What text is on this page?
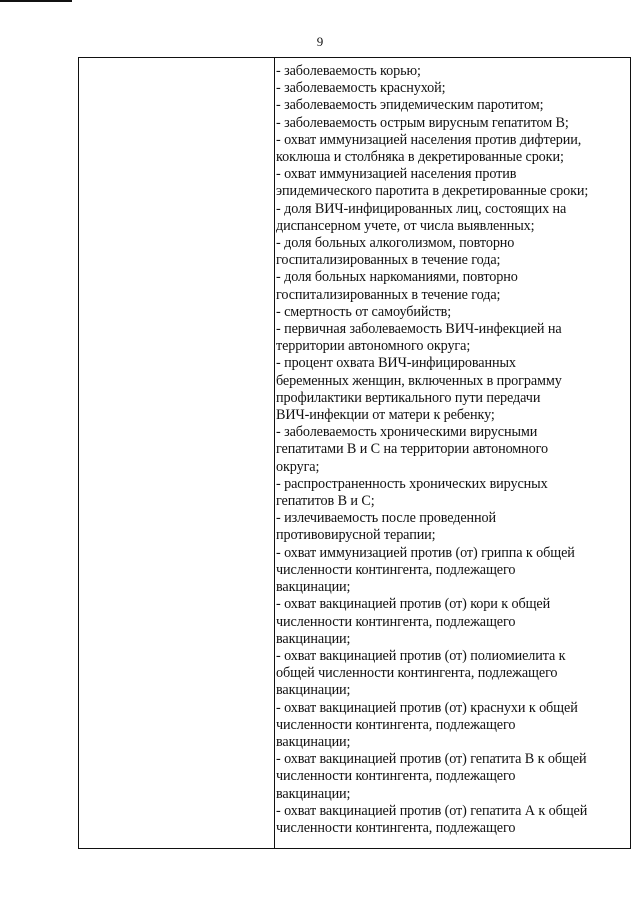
9
- заболеваемость корью;
- заболеваемость краснухой;
- заболеваемость эпидемическим паротитом;
- заболеваемость острым вирусным гепатитом В;
- охват иммунизацией населения против дифтерии,
коклюша и столбняка в декретированные сроки;
- охват иммунизацией населения против
эпидемического паротита в декретированные сроки;
- доля ВИЧ-инфицированных лиц, состоящих на
диспансерном учете, от числа выявленных;
- доля больных алкоголизмом, повторно
госпитализированных в течение года;
- доля больных наркоманиями, повторно
госпитализированных в течение года;
- смертность от самоубийств;
- первичная заболеваемость ВИЧ-инфекцией на
территории автономного округа;
- процент охвата ВИЧ-инфицированных
беременных женщин, включенных в программу
профилактики вертикального пути передачи
ВИЧ-инфекции от матери к ребенку;
- заболеваемость хроническими вирусными
гепатитами В и С на территории автономного
округа;
- распространенность хронических вирусных
гепатитов В и С;
- излечиваемость после проведенной
противовирусной терапии;
- охват иммунизацией против (от) гриппа к общей
численности контингента, подлежащего
вакцинации;
- охват вакцинацией против (от) кори к общей
численности контингента, подлежащего
вакцинации;
- охват вакцинацией против (от) полиомиелита к
общей численности контингента, подлежащего
вакцинации;
- охват вакцинацией против (от) краснухи к общей
численности контингента, подлежащего
вакцинации;
- охват вакцинацией против (от) гепатита В к общей
численности контингента, подлежащего
вакцинации;
- охват вакцинацией против (от) гепатита А к общей
численности контингента, подлежащего
